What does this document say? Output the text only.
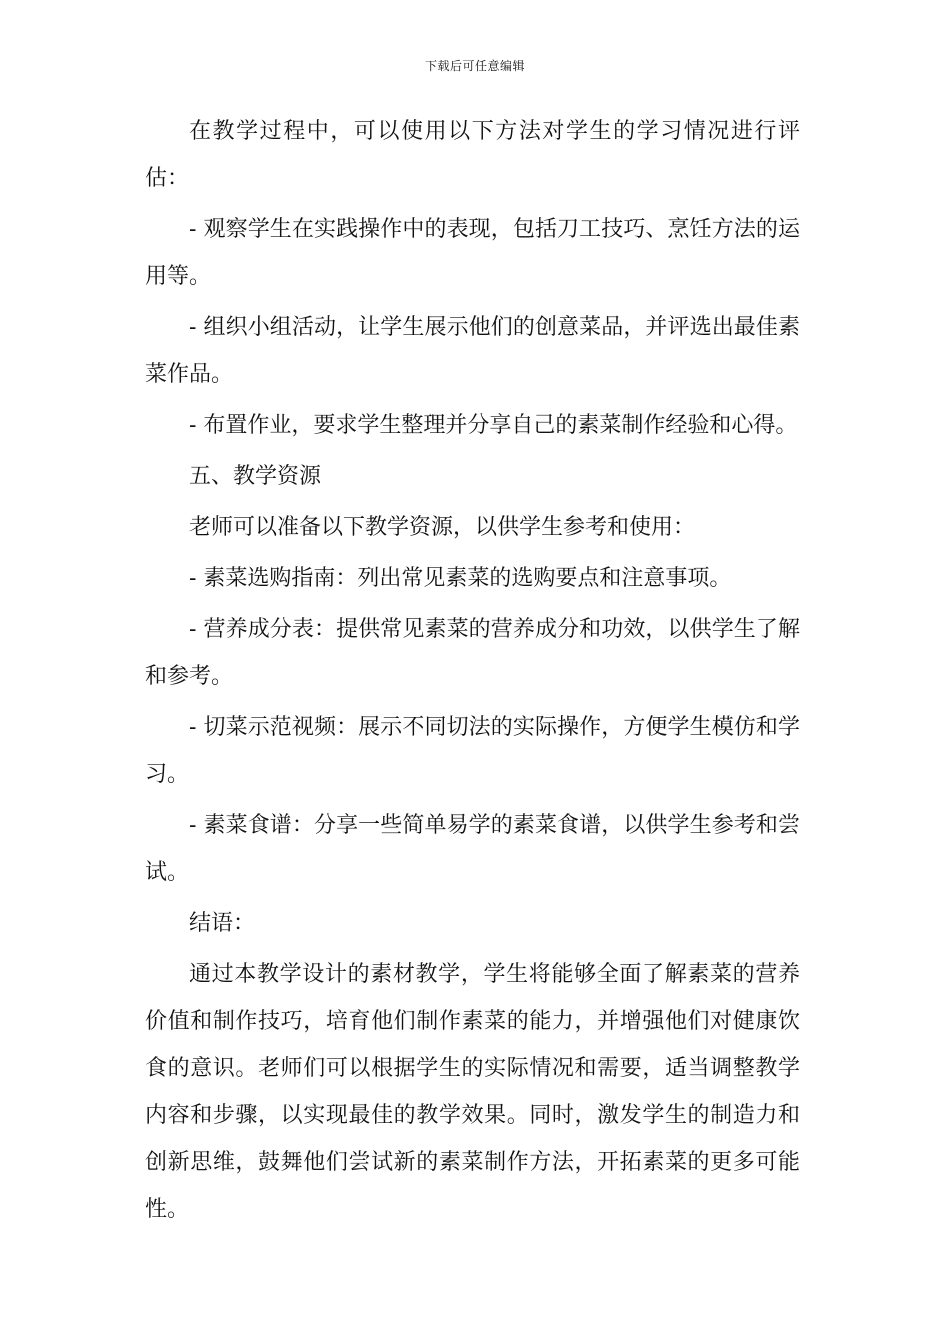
下载后可任意编辑

在教学过程中，可以使用以下方法对学生的学习情况进行评估：

- 观察学生在实践操作中的表现，包括刀工技巧、烹饪方法的运用等。

- 组织小组活动，让学生展示他们的创意菜品，并评选出最佳素菜作品。

- 布置作业，要求学生整理并分享自己的素菜制作经验和心得。

五、教学资源

老师可以准备以下教学资源，以供学生参考和使用：

- 素菜选购指南：列出常见素菜的选购要点和注意事项。

- 营养成分表：提供常见素菜的营养成分和功效，以供学生了解和参考。

- 切菜示范视频：展示不同切法的实际操作，方便学生模仿和学习。

- 素菜食谱：分享一些简单易学的素菜食谱，以供学生参考和尝试。

结语：

通过本教学设计的素材教学，学生将能够全面了解素菜的营养价值和制作技巧，培育他们制作素菜的能力，并增强他们对健康饮食的意识。老师们可以根据学生的实际情况和需要，适当调整教学内容和步骤，以实现最佳的教学效果。同时，激发学生的制造力和创新思维，鼓舞他们尝试新的素菜制作方法，开拓素菜的更多可能性。
